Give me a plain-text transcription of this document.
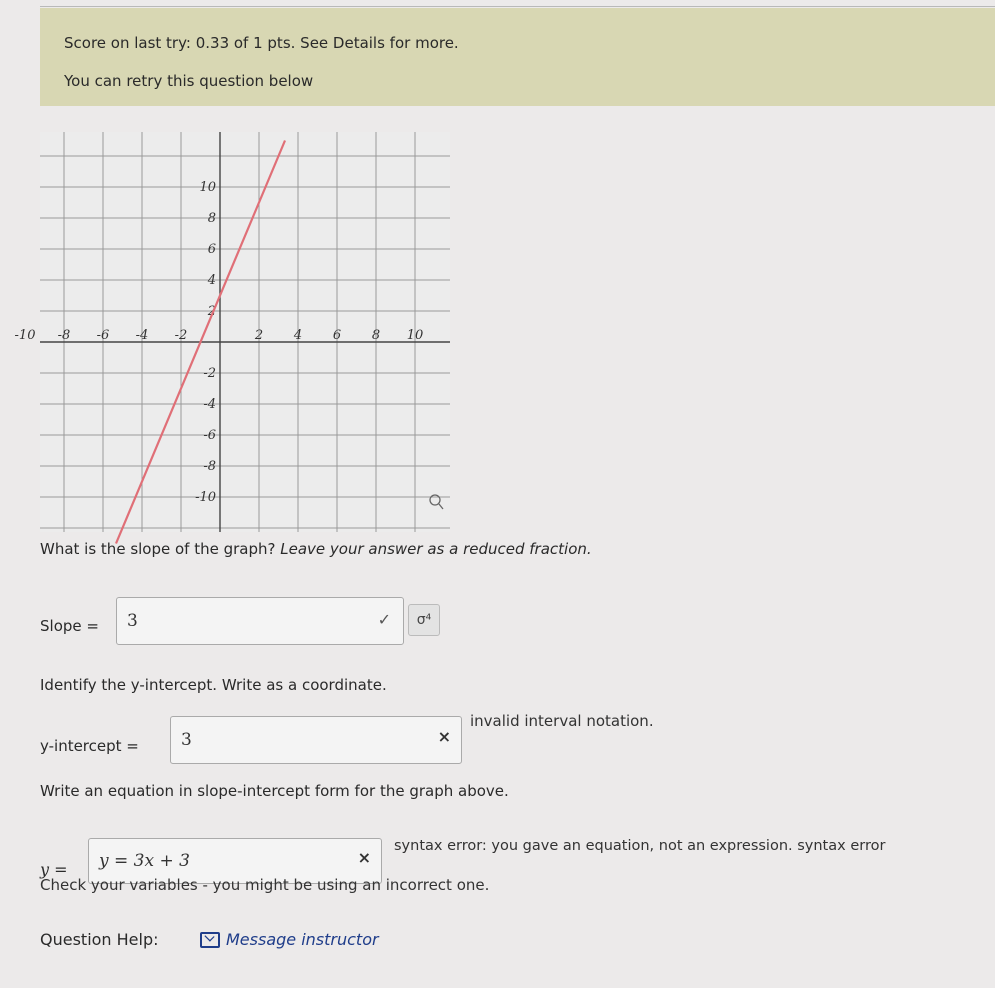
Score on last try: 0.33 of 1 pts. See Details for more.
You can retry this question below
-10 -8 -6 -4 -2	2 4 6 8 10
10
8
6
4
2
-2
-4
-6
-8
-10
What is the slope of the graph? Leave your answer as a reduced fraction.
Slope = 3	✓ σ⁴
Identify the y-intercept. Write as a coordinate.
y-intercept = 3	×
invalid interval notation.
Write an equation in slope-intercept form for the graph above.
y = y = 3x + 3	×
syntax error: you gave an equation, not an expression. syntax error
Check your variables - you might be using an incorrect one.
Question Help:	Message instructor
